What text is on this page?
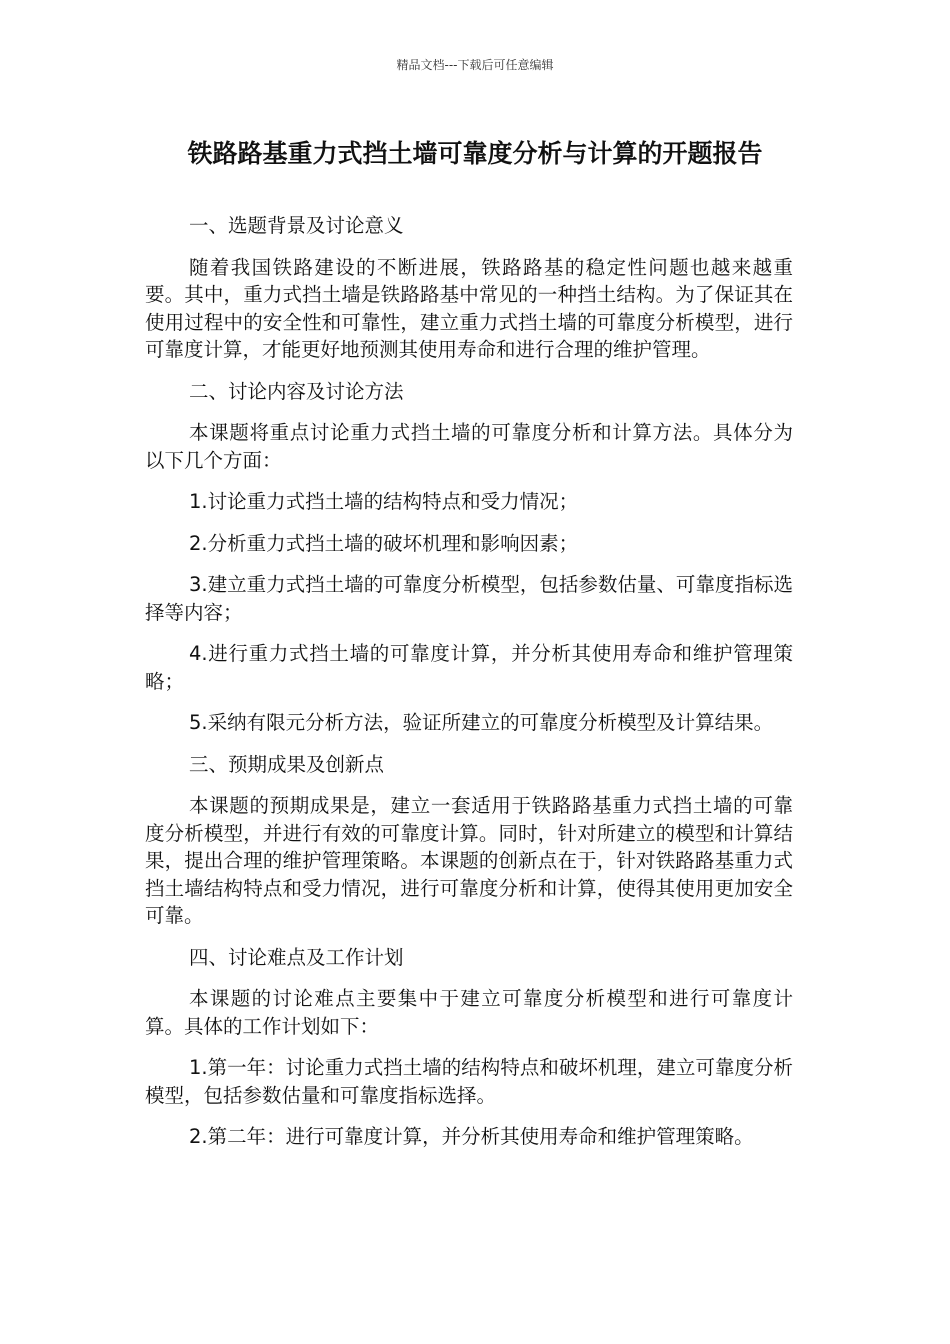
精品文档---下载后可任意编辑
铁路路基重力式挡土墙可靠度分析与计算的开题报告

一、选题背景及讨论意义

随着我国铁路建设的不断进展，铁路路基的稳定性问题也越来越重要。其中，重力式挡土墙是铁路路基中常见的一种挡土结构。为了保证其在使用过程中的安全性和可靠性，建立重力式挡土墙的可靠度分析模型，进行可靠度计算，才能更好地预测其使用寿命和进行合理的维护管理。

二、讨论内容及讨论方法

本课题将重点讨论重力式挡土墙的可靠度分析和计算方法。具体分为以下几个方面：

1.讨论重力式挡土墙的结构特点和受力情况；

2.分析重力式挡土墙的破坏机理和影响因素；

3.建立重力式挡土墙的可靠度分析模型，包括参数估量、可靠度指标选择等内容；

4.进行重力式挡土墙的可靠度计算，并分析其使用寿命和维护管理策略；

5.采纳有限元分析方法，验证所建立的可靠度分析模型及计算结果。

三、预期成果及创新点

本课题的预期成果是，建立一套适用于铁路路基重力式挡土墙的可靠度分析模型，并进行有效的可靠度计算。同时，针对所建立的模型和计算结果，提出合理的维护管理策略。本课题的创新点在于，针对铁路路基重力式挡土墙结构特点和受力情况，进行可靠度分析和计算，使得其使用更加安全可靠。

四、讨论难点及工作计划

本课题的讨论难点主要集中于建立可靠度分析模型和进行可靠度计算。具体的工作计划如下：

1.第一年：讨论重力式挡土墙的结构特点和破坏机理，建立可靠度分析模型，包括参数估量和可靠度指标选择。

2.第二年：进行可靠度计算，并分析其使用寿命和维护管理策略。
